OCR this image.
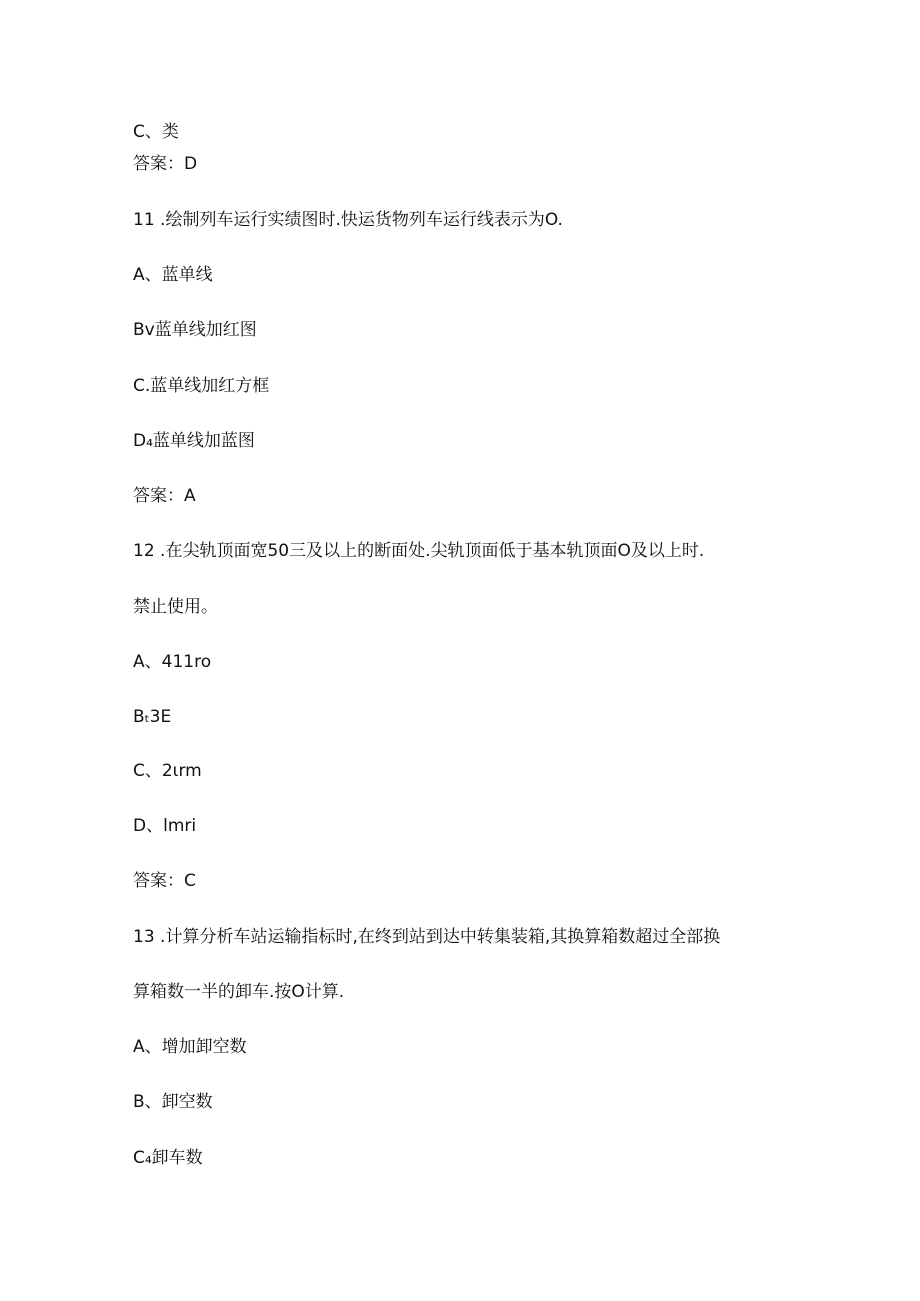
C、类
答案：D
11 .绘制列车运行实绩图时.快运货物列车运行线表示为O.
A、蓝单线
Bv蓝单线加红图
C.蓝单线加红方框
D₄蓝单线加蓝图
答案：A
12 .在尖轨顶面宽50三及以上的断面处.尖轨顶面低于基本轨顶面O及以上时.
禁止使用。
A、411ro
Bₜ3E
C、2ιrm
D、lmri
答案：C
13 .计算分析车站运输指标时,在终到站到达中转集装箱,其换算箱数超过全部换
算箱数一半的卸车.按O计算.
A、增加卸空数
B、卸空数
C₄卸车数
